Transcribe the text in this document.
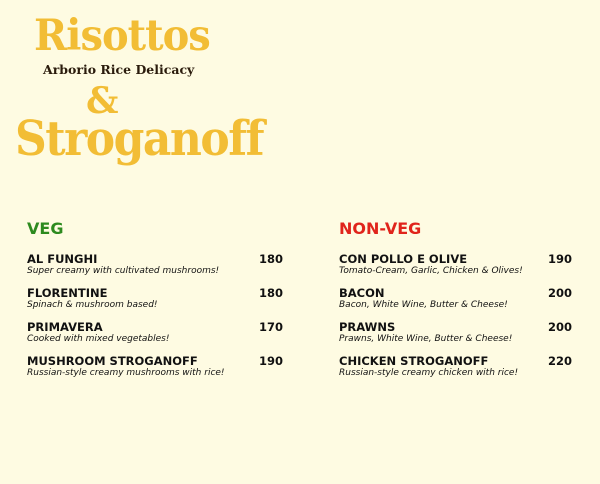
Risottos
Arborio Rice Delicacy
&
Stroganoff
VEG	NON-VEG
AL FUNGHI	180
Super creamy with cultivated mushrooms!
FLORENTINE	180
Spinach & mushroom based!
PRIMAVERA	170
Cooked with mixed vegetables!
MUSHROOM STROGANOFF	190
Russian-style creamy mushrooms with rice!
CON POLLO E OLIVE	190
Tomato-Cream, Garlic, Chicken & Olives!
BACON	200
Bacon, White Wine, Butter & Cheese!
PRAWNS	200
Prawns, White Wine, Butter & Cheese!
CHICKEN STROGANOFF	220
Russian-style creamy chicken with rice!
